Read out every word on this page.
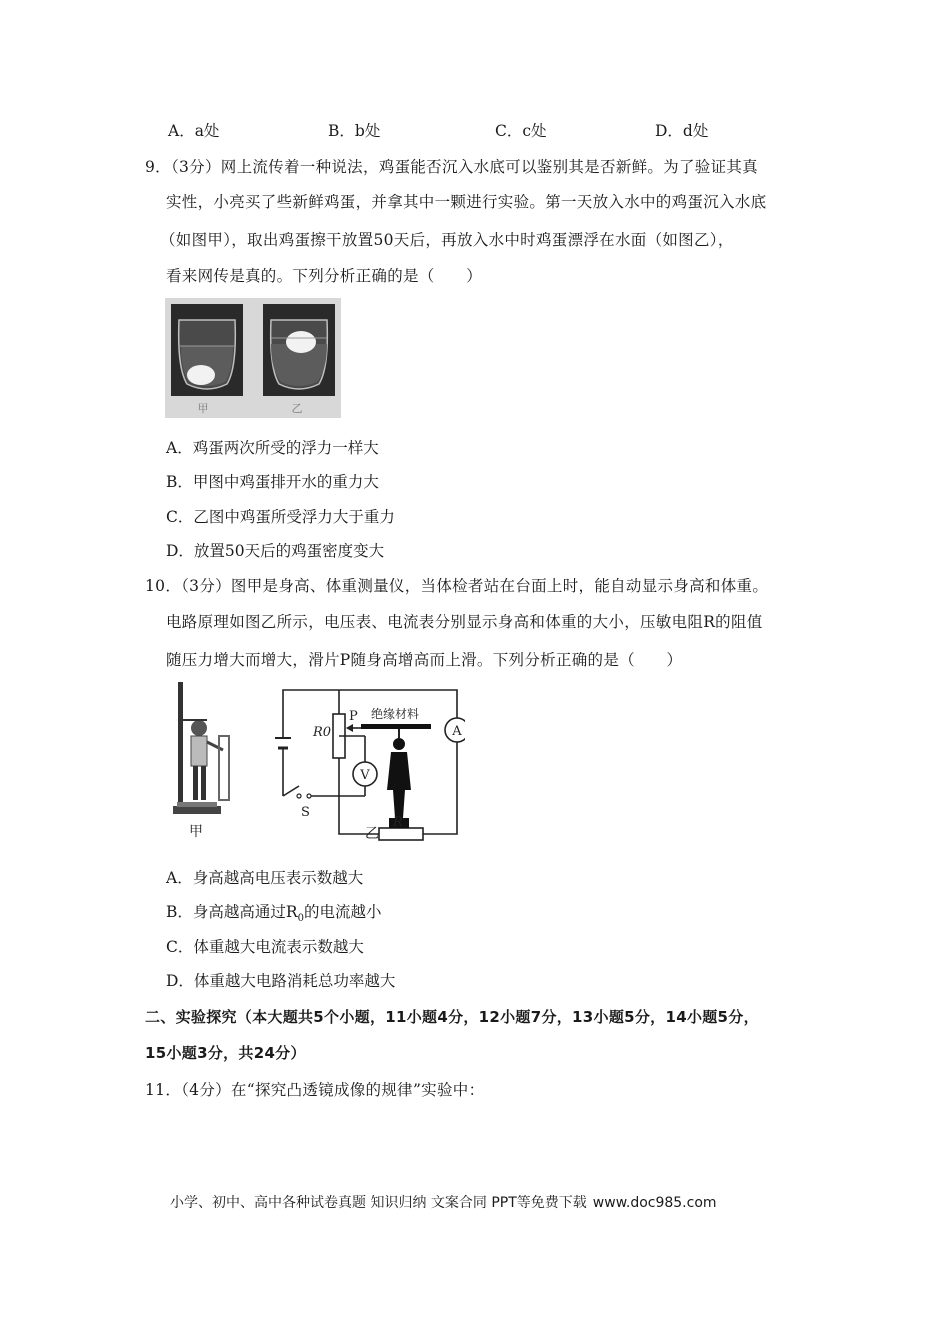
A．a处	B．b处	C．c处	D．d处
9．（3分）网上流传着一种说法，鸡蛋能否沉入水底可以鉴别其是否新鲜。为了验证其真
实性，小亮买了些新鲜鸡蛋，并拿其中一颗进行实验。第一天放入水中的鸡蛋沉入水底
（如图甲），取出鸡蛋擦干放置50天后，再放入水中时鸡蛋漂浮在水面（如图乙），
看来网传是真的。下列分析正确的是（　　）
甲	乙
A．鸡蛋两次所受的浮力一样大
B．甲图中鸡蛋排开水的重力大
C．乙图中鸡蛋所受浮力大于重力
D．放置50天后的鸡蛋密度变大
10．（3分）图甲是身高、体重测量仪，当体检者站在台面上时，能自动显示身高和体重。
电路原理如图乙所示，电压表、电流表分别显示身高和体重的大小，压敏电阻R的阻值
随压力增大而增大，滑片P随身高增高而上滑。下列分析正确的是（　　）
甲
V
A
R0
P 绝缘材料
S
R
乙
A．身高越高电压表示数越大
B．身高越高通过$R_0$的电流越小
C．体重越大电流表示数越大
D．体重越大电路消耗总功率越大
二、实验探究（本大题共5个小题，11小题4分，12小题7分，13小题5分，14小题5分，
15小题3分，共24分）
11．（4分）在“探究凸透镜成像的规律”实验中：
小学、初中、高中各种试卷真题 知识归纳 文案合同 PPT等免费下载 www.doc985.com
